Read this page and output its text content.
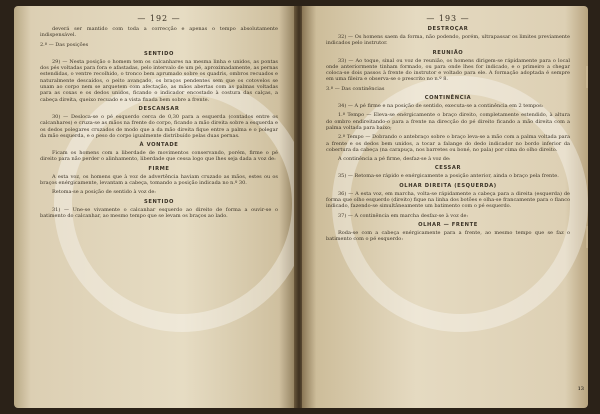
— 192 —

deverá ser mantido com toda a correcção e apenas o tempo absolutamente indispensável.

2.º — Das posições

SENTIDO

29) — Nesta posição o homem tem os calcanhares na mesma linha e unidos, as pontas dos pés voltadas para fora e afastadas, pelo intervalo de um pé, aproximadamente, as pernas estendidas, o ventre recolhido, o tronco bem aprumado sobre os quadris, ombros recuados e naturalmente descaídos, o peito avançado, os braços pendentes sem que os cotovelos se unam ao corpo nem se arquetem com afectação, as mãos abertas com as palmas voltadas para as coxas e os dedos unidos, ficando o indicador encostado à costura das calças, a cabeça direita, queixo recuado e a vista fixada bem sobre a frente.

DESCANSAR

30) — Desloca-se o pé esquerdo cerca de 0,30 para a esquerda (contados entre os calcanhares) e cruza-se as mãos na frente do corpo, ficando a mão direita sobre a esquerda e os dedos polegares cruzados de modo que a da mão direita fique entre a palma e o polegar da mão esquerda, e o peso do corpo igualmente distribuído pelas duas pernas.

À VONTADE

Ficam os homens com a liberdade de movimentos conservando, porém, firme o pé direito para não perder o alinhamento, liberdade que cessa logo que lhes seja dada a voz de:

FIRME

A esta voz, os homens que à voz de advertência haviam cruzado as mãos, estes ou os braços enérgicamente, levantam a cabeça, tomando a posição indicada no n.º 30.

Retoma-se a posição de sentido à voz de:

SENTIDO

31) — Une-se vivamente o calcanhar esquerdo ao direito de forma a ouvir-se o batimento do calcanhar, ao mesmo tempo que se levam os braços ao lado.

— 193 —
DESTROÇAR

32) — Os homens saem da forma, não podendo, porém, ultrapassar os limites previamente indicados pelo instrutor.

REUNIÃO

33) — Ao toque, sinal ou voz de reunião, os homens dirigem-se rápidamente para o local onde anteriormente tinham formado, ou para onde lhes for indicado, e o primeiro a chegar coloca-se dois passos à frente do instrutor e voltado para ele. A formação adoptada é sempre em uma fileira e observa-se o prescrito no n.º 8.

3.º — Das continências

CONTINÊNCIA

34) — A pé firme e na posição de sentido, executa-se a continência em 2 tempos:

1.º Tempo — Eleva-se enérgicamente o braço direito, completamente estendido, à altura do ombro endireitando-o para a frente na direcção do pé direito ficando a mão direita com a palma voltada para baixo;

2.º Tempo — Dobrando o antebraço sobre o braço leva-se a mão com a palma voltada para a frente e os dedos bem unidos, a tocar a falange do dedo indicador no bordo inferior da cobertura da cabeça (na carapuça, nos barretes ou boné, no pala) por cima do olho direito.

A continência a pé firme, desfaz-se à voz de:

CESSAR

35) — Retoma-se rápido e enérgicamente a posição anterior, ainda o braço pela frente.

OLHAR DIREITA (ESQUERDA)

36) — A esta voz, em marcha, volta-se rápidamente a cabeça para a direita (esquerda) de forma que olho esquerdo (direito) fique na linha dos botões e olha-se francamente para o flanco indicado, fazendo-se simultâneamente um batimento com o pé esquerdo.

37) — A continência em marcha desfaz-se à voz de:

OLHAR — FRENTE

Roda-se com a cabeça enérgicamente para a frente, ao mesmo tempo que se faz o batimento com o pé esquerdo:

13
